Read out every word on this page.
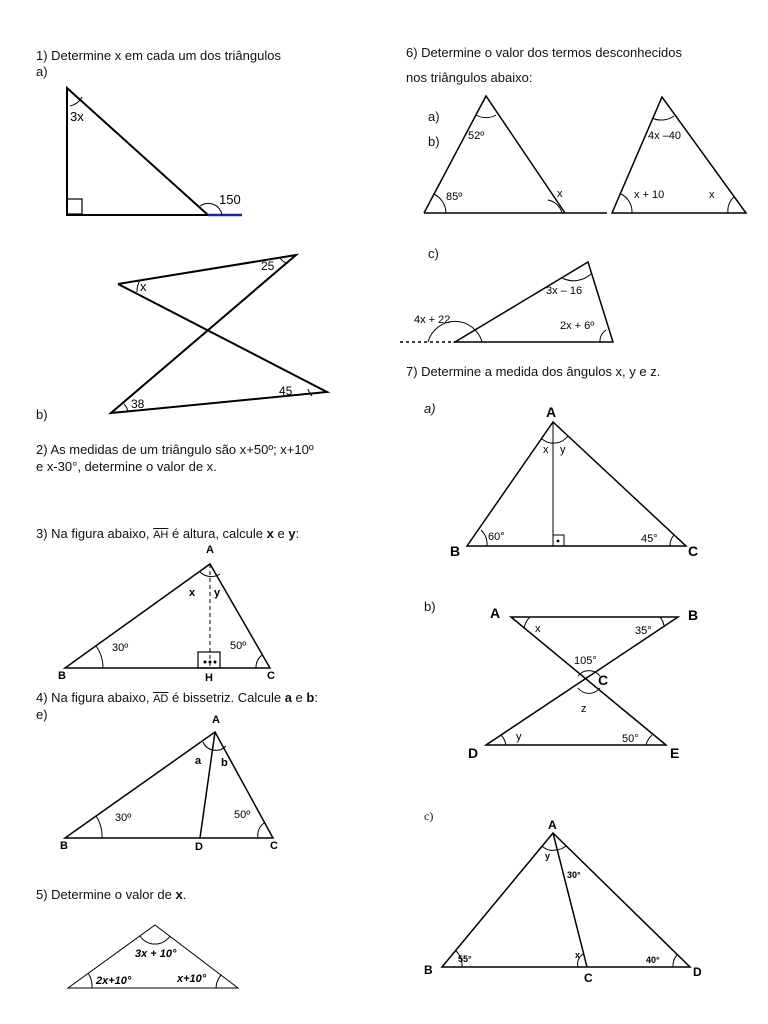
1) Determine x em cada um dos triângulos
a)
b)
2) As medidas de um triângulo são x+50º; x+10º
e x-30°, determine o valor de x.
3) Na figura abaixo, $\overline{AH}$ é altura, calcule x e y:
4) Na figura abaixo, $\overline{AD}$ é bissetriz. Calcule a e b:
e)
5) Determine o valor de x.
6) Determine o valor dos termos desconhecidos
nos triângulos abaixo:
a)
b)
c)
7) Determine a medida dos ângulos x, y e z.
a)
b)
c)
3x
150
x
25
45
38
A
B	C
H
x y
30º	50º
A
B	C
D
a b
30º	50º
3x + 10°
2x+10°	x+10°
52º
85º	x
4x –40
x + 10	x
3x – 16
2x + 6º
4x + 22
A
B	C
x y
60°	45°
A	B
C
D	E
x	35°
105°
z
y	50°
A
B
C	D
y
30°
55°	x	40°
